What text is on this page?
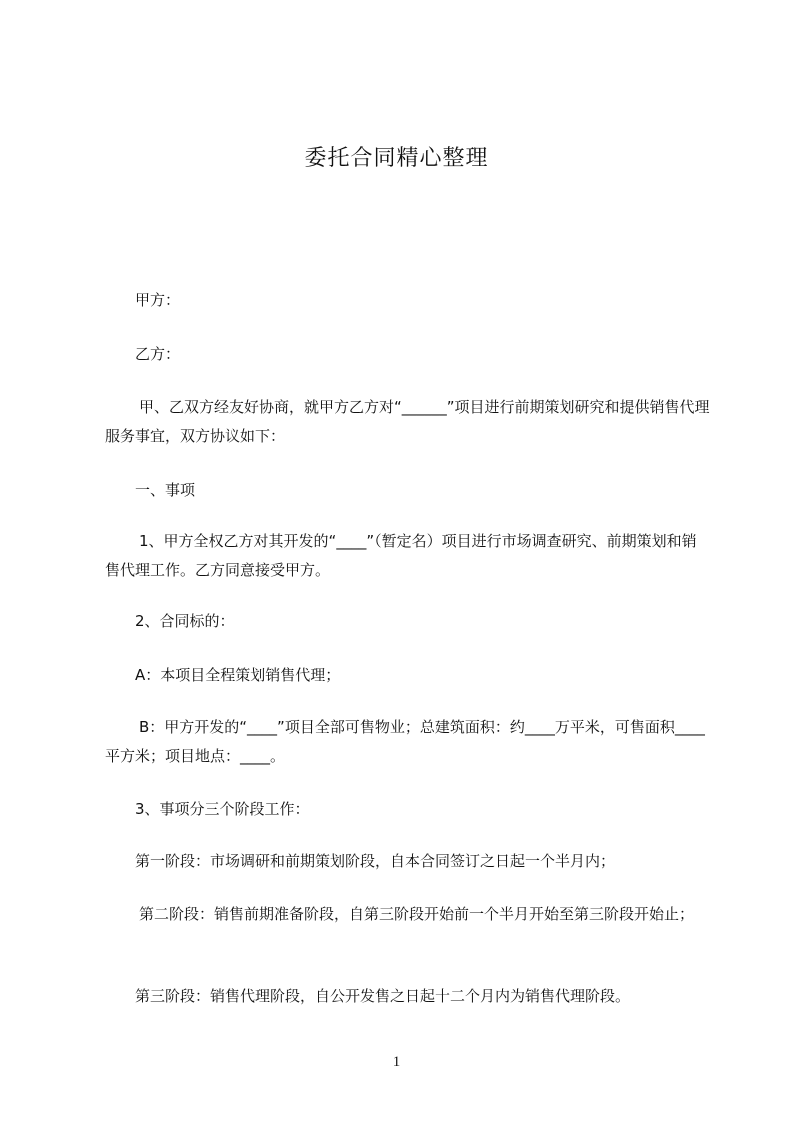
委托合同精心整理

甲方：

乙方：

甲、乙双方经友好协商，就甲方乙方对“______”项目进行前期策划研究和提供销售代理服务事宜，双方协议如下：

一、事项

1、甲方全权乙方对其开发的“____”（暂定名）项目进行市场调查研究、前期策划和销售代理工作。乙方同意接受甲方。

2、合同标的：

A：本项目全程策划销售代理；

B：甲方开发的“____”项目全部可售物业；总建筑面积：约____万平米，可售面积____平方米；项目地点：____。

3、事项分三个阶段工作：

第一阶段：市场调研和前期策划阶段，自本合同签订之日起一个半月内；

第二阶段：销售前期准备阶段，自第三阶段开始前一个半月开始至第三阶段开始止；

第三阶段：销售代理阶段，自公开发售之日起十二个月内为销售代理阶段。

1
